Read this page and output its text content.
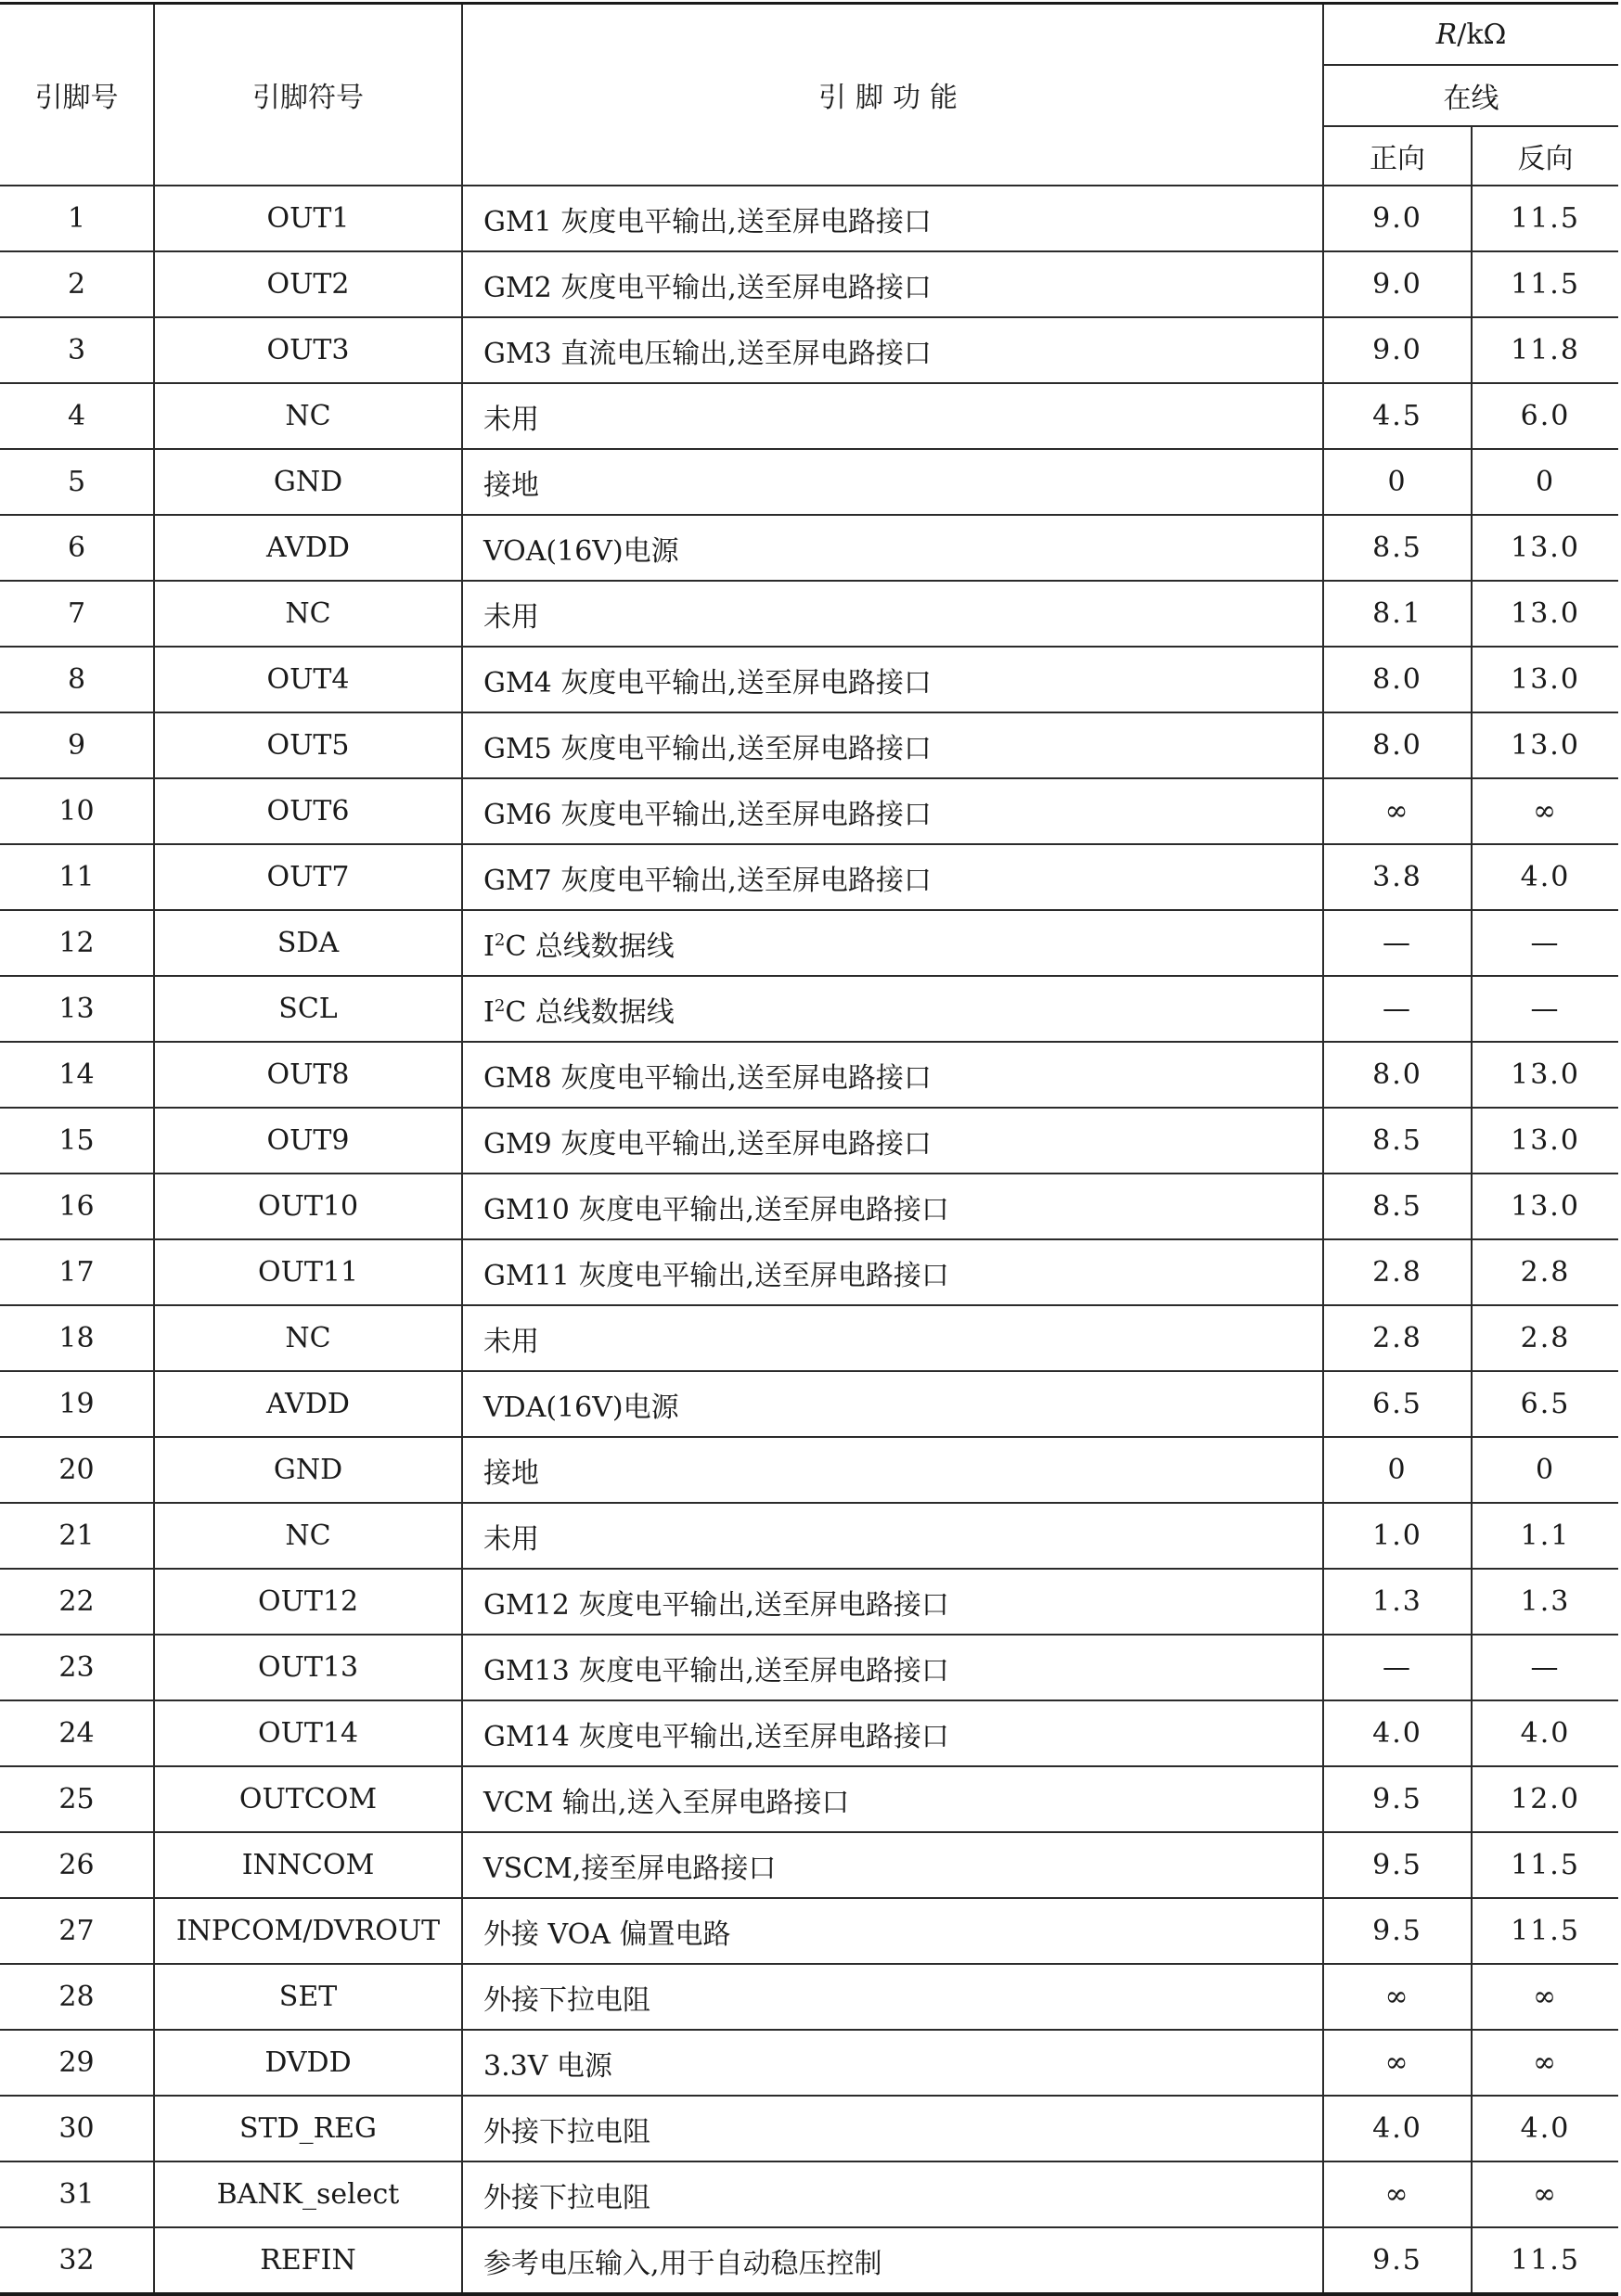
引脚号	引脚符号	引脚功能	R/kΩ	
			在线	
			正向	反向
1	OUT1	GM1 灰度电平输出,送至屏电路接口	9.0	11.5
2	OUT2	GM2 灰度电平输出,送至屏电路接口	9.0	11.5
3	OUT3	GM3 直流电压输出,送至屏电路接口	9.0	11.8
4	NC	未用	4.5	6.0
5	GND	接地	0	0
6	AVDD	VOA(16V)电源	8.5	13.0
7	NC	未用	8.1	13.0
8	OUT4	GM4 灰度电平输出,送至屏电路接口	8.0	13.0
9	OUT5	GM5 灰度电平输出,送至屏电路接口	8.0	13.0
10	OUT6	GM6 灰度电平输出,送至屏电路接口	∞	∞
11	OUT7	GM7 灰度电平输出,送至屏电路接口	3.8	4.0
12	SDA	$I^2C$ 总线数据线	—	—
13	SCL	$I^2C$ 总线数据线	—	—
14	OUT8	GM8 灰度电平输出,送至屏电路接口	8.0	13.0
15	OUT9	GM9 灰度电平输出,送至屏电路接口	8.5	13.0
16	OUT10	GM10 灰度电平输出,送至屏电路接口	8.5	13.0
17	OUT11	GM11 灰度电平输出,送至屏电路接口	2.8	2.8
18	NC	未用	2.8	2.8
19	AVDD	VDA(16V)电源	6.5	6.5
20	GND	接地	0	0
21	NC	未用	1.0	1.1
22	OUT12	GM12 灰度电平输出,送至屏电路接口	1.3	1.3
23	OUT13	GM13 灰度电平输出,送至屏电路接口	—	—
24	OUT14	GM14 灰度电平输出,送至屏电路接口	4.0	4.0
25	OUTCOM	VCM 输出,送入至屏电路接口	9.5	12.0
26	INNCOM	VSCM,接至屏电路接口	9.5	11.5
27	INPCOM/DVROUT	外接 VOA 偏置电路	9.5	11.5
28	SET	外接下拉电阻	∞	∞
29	DVDD	3.3V 电源	∞	∞
30	STD_REG	外接下拉电阻	4.0	4.0
31	BANK_select	外接下拉电阻	∞	∞
32	REFIN	参考电压输入,用于自动稳压控制	9.5	11.5
